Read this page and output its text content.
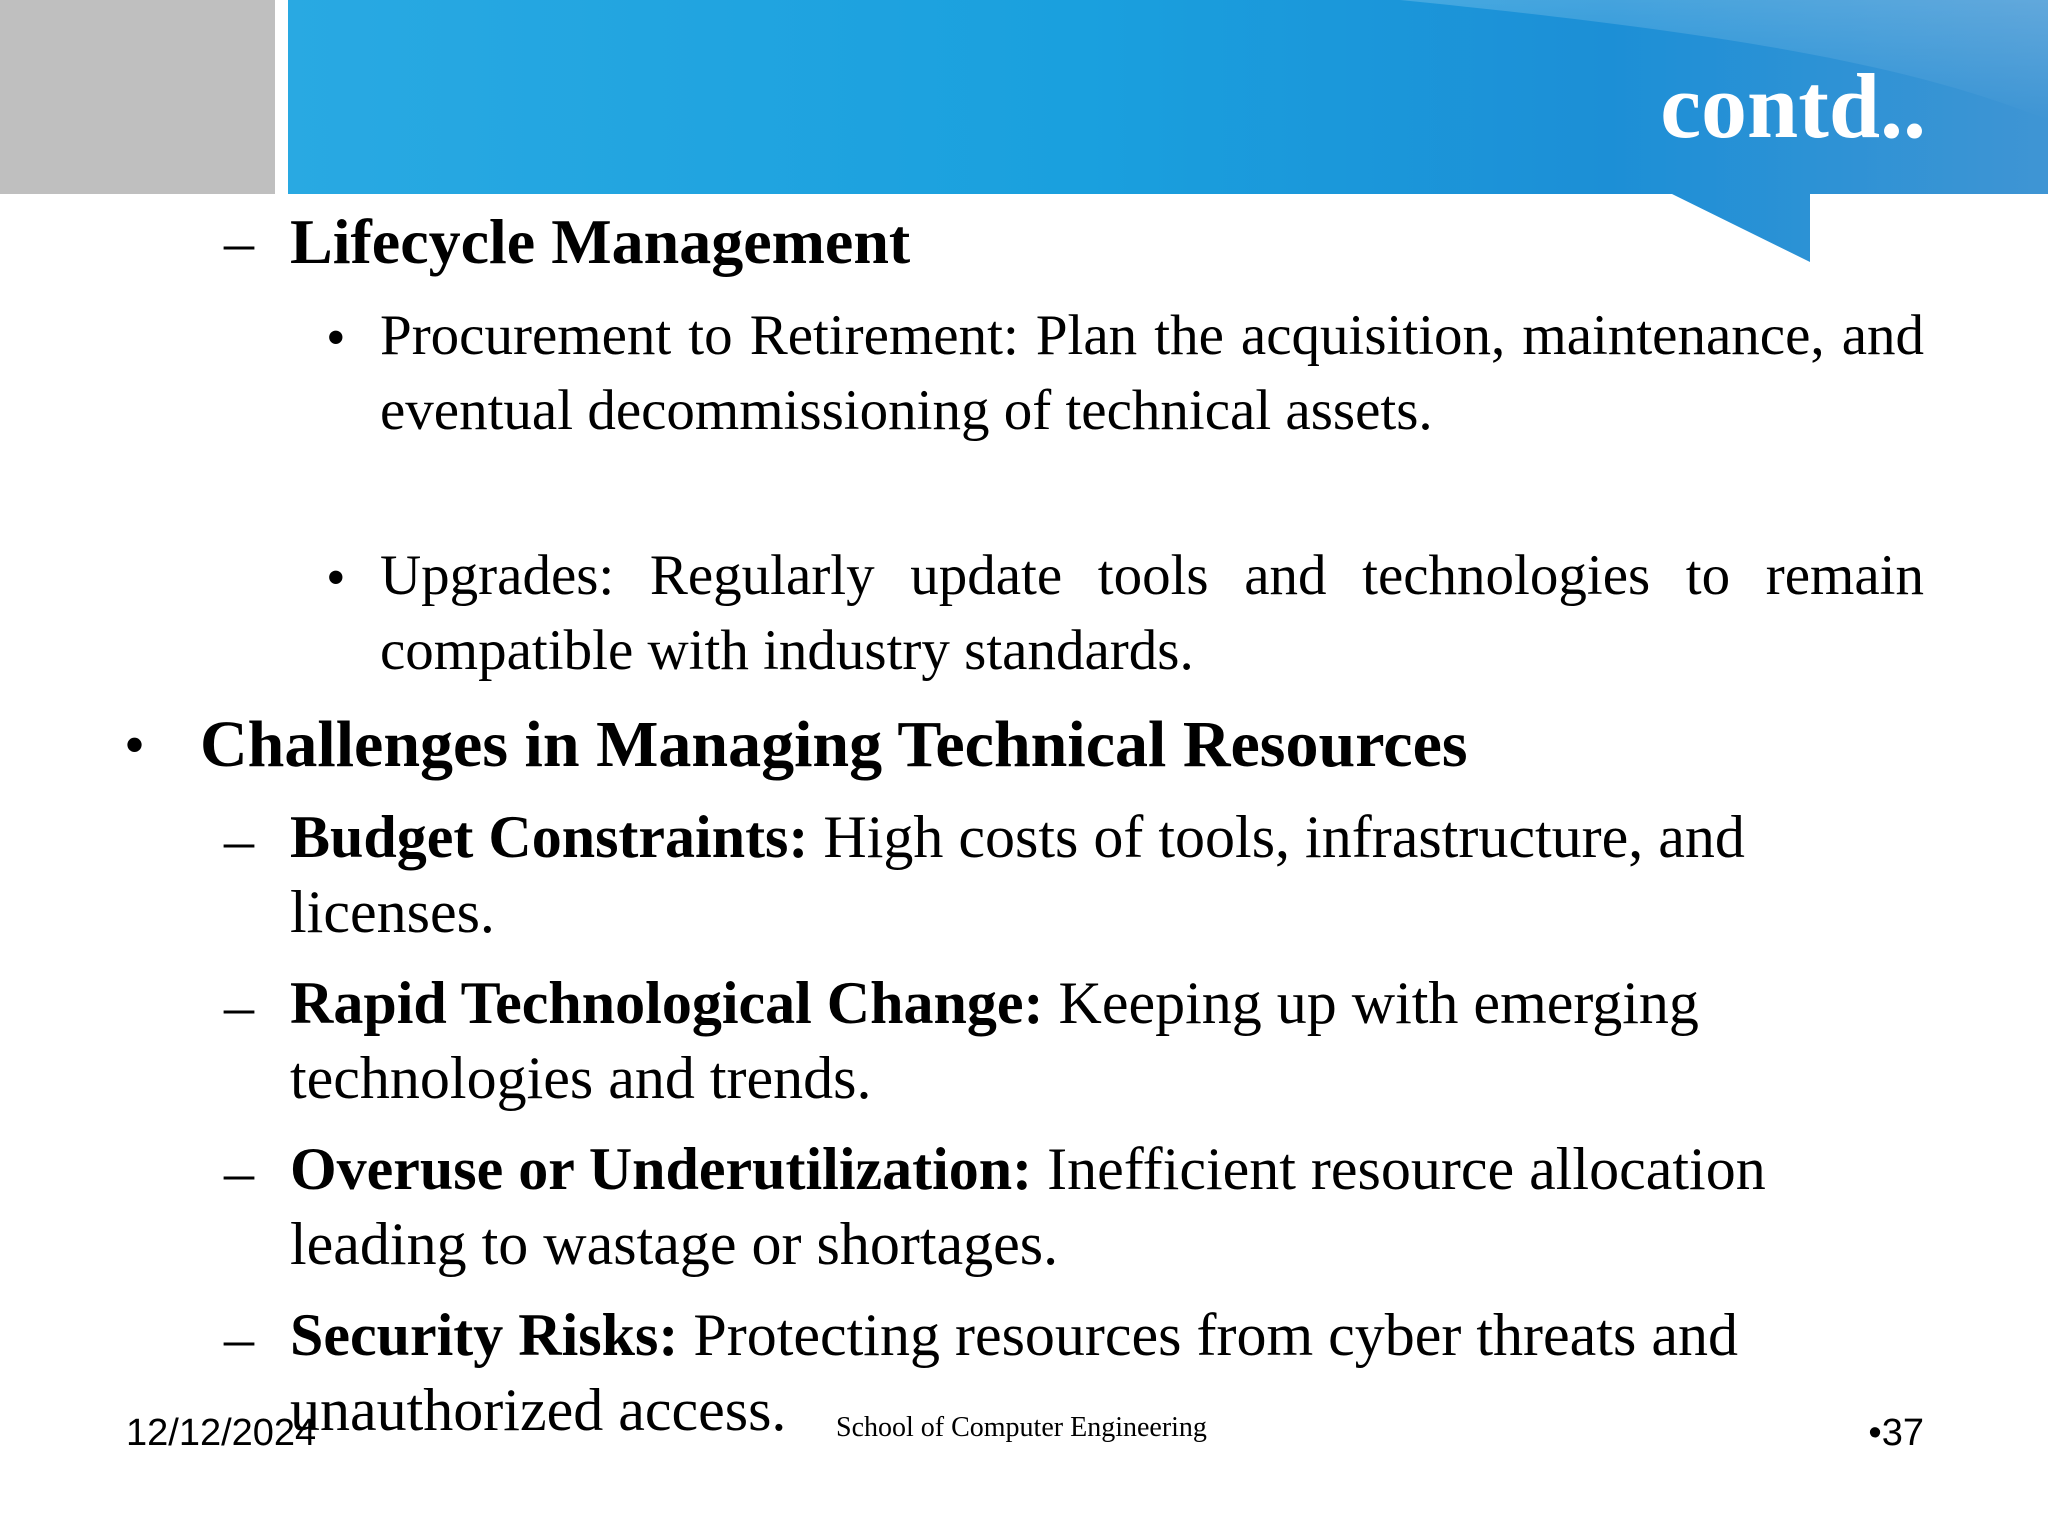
contd..
– Lifecycle Management
• Procurement to Retirement: Plan the acquisition, maintenance, and eventual decommissioning of technical assets.
• Upgrades: Regularly update tools and technologies to remain compatible with industry standards.
• Challenges in Managing Technical Resources
– Budget Constraints: High costs of tools, infrastructure, and licenses.
– Rapid Technological Change: Keeping up with emerging technologies and trends.
– Overuse or Underutilization: Inefficient resource allocation leading to wastage or shortages.
– Security Risks: Protecting resources from cyber threats and unauthorized access.
12/12/2024	School of Computer Engineering	•37
